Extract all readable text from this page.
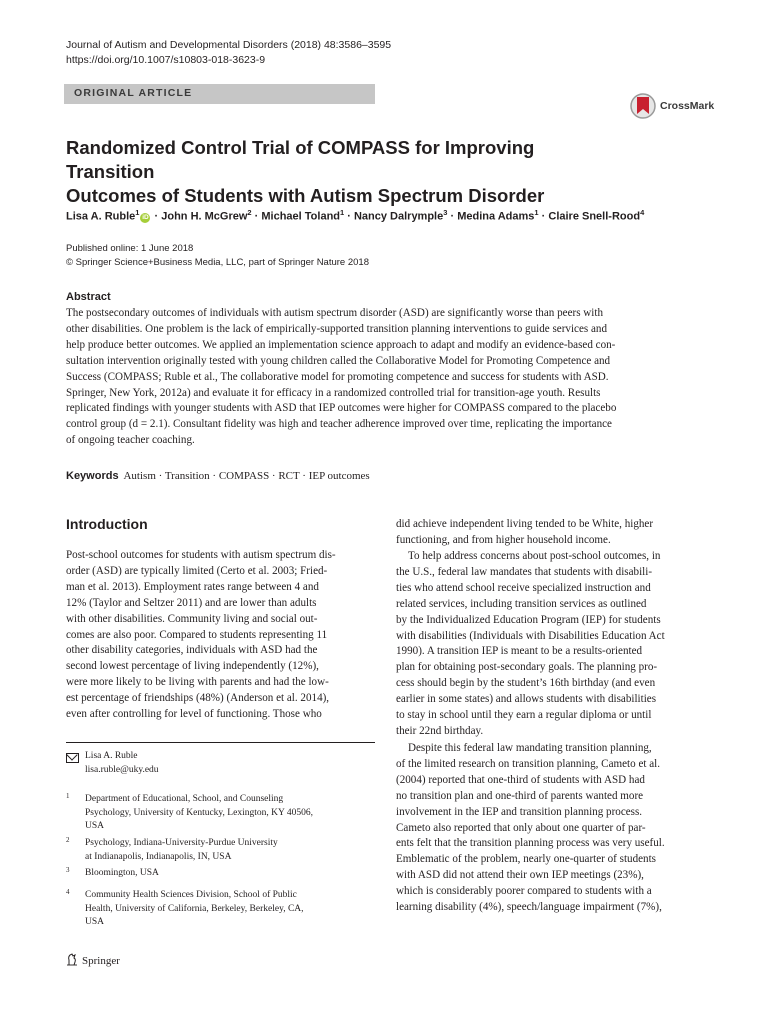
Journal of Autism and Developmental Disorders (2018) 48:3586–3595
https://doi.org/10.1007/s10803-018-3623-9
ORIGINAL ARTICLE
CrossMark
Randomized Control Trial of COMPASS for Improving Transition
Outcomes of Students with Autism Spectrum Disorder
Lisa A. Ruble$^1$iD · John H. McGrew$^2$ · Michael Toland$^1$ · Nancy Dalrymple$^3$ · Medina Adams$^1$ · Claire Snell-Rood$^4$
Published online: 1 June 2018
© Springer Science+Business Media, LLC, part of Springer Nature 2018
Abstract
The postsecondary outcomes of individuals with autism spectrum disorder (ASD) are significantly worse than peers with
other disabilities. One problem is the lack of empirically-supported transition planning interventions to guide services and
help produce better outcomes. We applied an implementation science approach to adapt and modify an evidence-based con-
sultation intervention originally tested with young children called the Collaborative Model for Promoting Competence and
Success (COMPASS; Ruble et al., The collaborative model for promoting competence and success for students with ASD.
Springer, New York, 2012a) and evaluate it for efficacy in a randomized controlled trial for transition-age youth. Results
replicated findings with younger students with ASD that IEP outcomes were higher for COMPASS compared to the placebo
control group (d = 2.1). Consultant fidelity was high and teacher adherence improved over time, replicating the importance
of ongoing teacher coaching.
Keywords Autism · Transition · COMPASS · RCT · IEP outcomes
Introduction
Post-school outcomes for students with autism spectrum dis-
order (ASD) are typically limited (Certo et al. 2003; Fried-
man et al. 2013). Employment rates range between 4 and
12% (Taylor and Seltzer 2011) and are lower than adults
with other disabilities. Community living and social out-
comes are also poor. Compared to students representing 11
other disability categories, individuals with ASD had the
second lowest percentage of living independently (12%),
were more likely to be living with parents and had the low-
est percentage of friendships (48%) (Anderson et al. 2014),
even after controlling for level of functioning. Those who
did achieve independent living tended to be White, higher
functioning, and from higher household income.
To help address concerns about post-school outcomes, in
the U.S., federal law mandates that students with disabili-
ties who attend school receive specialized instruction and
related services, including transition services as outlined
by the Individualized Education Program (IEP) for students
with disabilities (Individuals with Disabilities Education Act
1990). A transition IEP is meant to be a results-oriented
plan for obtaining post-secondary goals. The planning pro-
cess should begin by the student’s 16th birthday (and even
earlier in some states) and allows students with disabilities
to stay in school until they earn a regular diploma or until
their 22nd birthday.
Despite this federal law mandating transition planning,
of the limited research on transition planning, Cameto et al.
(2004) reported that one-third of students with ASD had
no transition plan and one-third of parents wanted more
involvement in the IEP and transition planning process.
Cameto also reported that only about one quarter of par-
ents felt that the transition planning process was very useful.
Emblematic of the problem, nearly one-quarter of students
with ASD did not attend their own IEP meetings (23%),
which is considerably poorer compared to students with a
learning disability (4%), speech/language impairment (7%),
Lisa A. Ruble
lisa.ruble@uky.edu
1 Department of Educational, School, and Counseling
Psychology, University of Kentucky, Lexington, KY 40506,
USA
2 Psychology, Indiana-University-Purdue University
at Indianapolis, Indianapolis, IN, USA
3 Bloomington, USA
4 Community Health Sciences Division, School of Public
Health, University of California, Berkeley, Berkeley, CA,
USA
Springer
